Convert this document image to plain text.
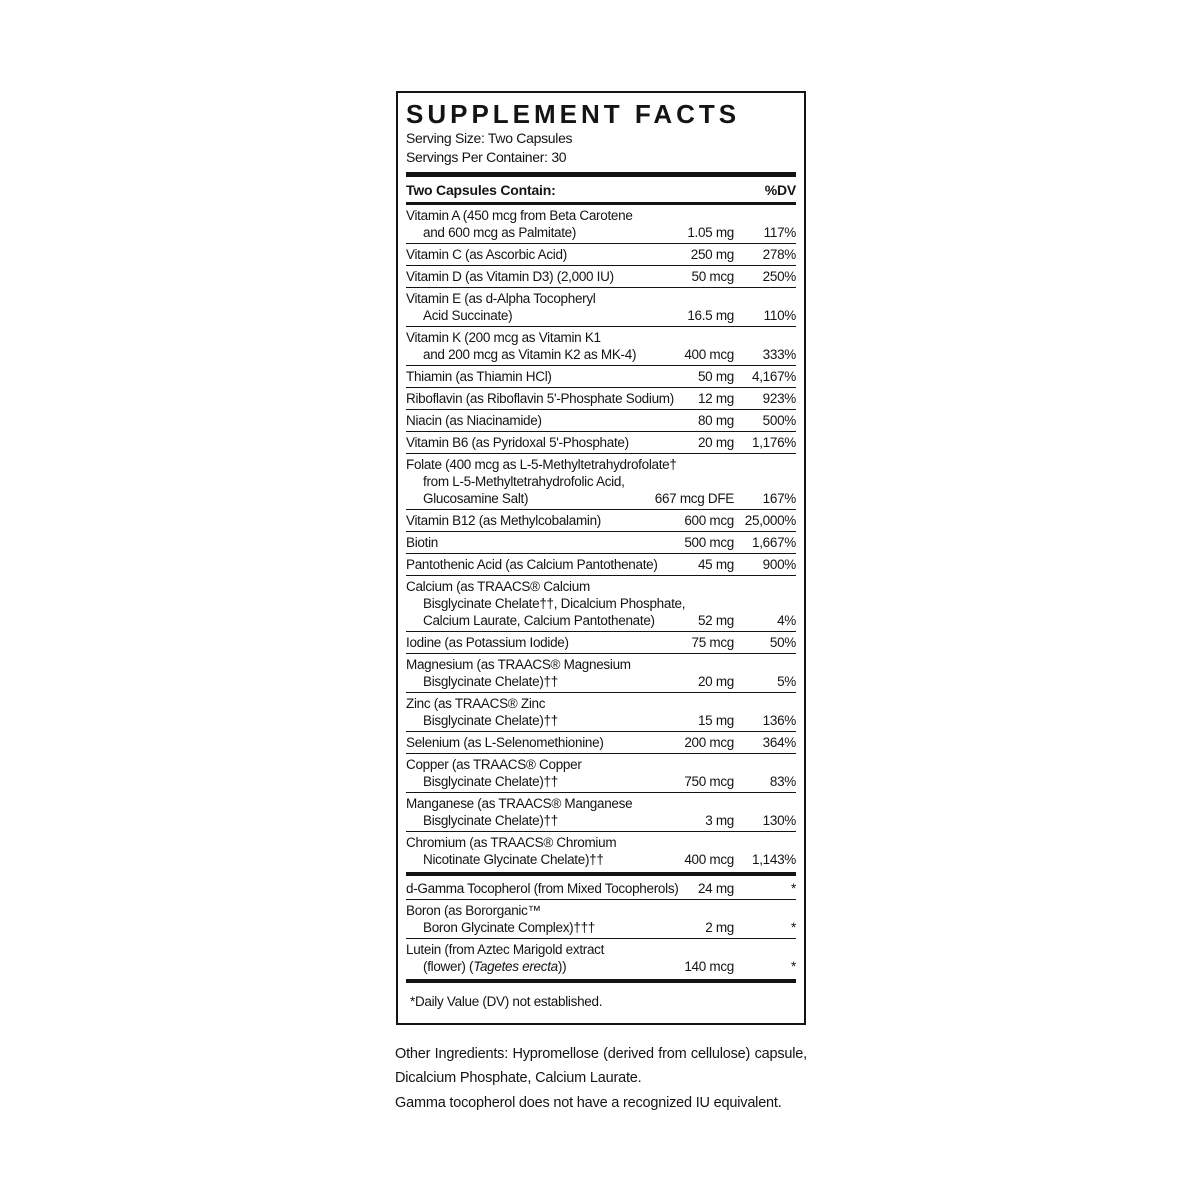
SUPPLEMENT FACTS
Serving Size: Two Capsules
Servings Per Container: 30
Two Capsules Contain:	%DV
Vitamin A (450 mcg from Beta Carotene
and 600 mcg as Palmitate)	1.05 mg 117%
Vitamin C (as Ascorbic Acid)	250 mg 278%
Vitamin D (as Vitamin D3) (2,000 IU)	50 mcg 250%
Vitamin E (as d-Alpha Tocopheryl
Acid Succinate)	16.5 mg 110%
Vitamin K (200 mcg as Vitamin K1
and 200 mcg as Vitamin K2 as MK-4)	400 mcg 333%
Thiamin (as Thiamin HCl)	50 mg 4,167%
Riboflavin (as Riboflavin 5'-Phosphate Sodium)	12 mg 923%
Niacin (as Niacinamide)	80 mg 500%
Vitamin B6 (as Pyridoxal 5'-Phosphate)	20 mg 1,176%
Folate (400 mcg as L-5-Methyltetrahydrofolate†
from L-5-Methyltetrahydrofolic Acid,
Glucosamine Salt)	667 mcg DFE 167%
Vitamin B12 (as Methylcobalamin)	600 mcg 25,000%
Biotin	500 mcg 1,667%
Pantothenic Acid (as Calcium Pantothenate)	45 mg 900%
Calcium (as TRAACS® Calcium
Bisglycinate Chelate††, Dicalcium Phosphate,
Calcium Laurate, Calcium Pantothenate)	52 mg	4%
Iodine (as Potassium Iodide)	75 mcg	50%
Magnesium (as TRAACS® Magnesium
Bisglycinate Chelate)††	20 mg	5%
Zinc (as TRAACS® Zinc
Bisglycinate Chelate)††	15 mg 136%
Selenium (as L-Selenomethionine)	200 mcg 364%
Copper (as TRAACS® Copper
Bisglycinate Chelate)††	750 mcg	83%
Manganese (as TRAACS® Manganese
Bisglycinate Chelate)††	3 mg 130%
Chromium (as TRAACS® Chromium
Nicotinate Glycinate Chelate)††	400 mcg 1,143%
d-Gamma Tocopherol (from Mixed Tocopherols)	24 mg	*
Boron (as Bororganic™
Boron Glycinate Complex)†††	2 mg	*
Lutein (from Aztec Marigold extract
(flower) (Tagetes erecta))	140 mcg	*
*Daily Value (DV) not established.

Other Ingredients: Hypromellose (derived from cellulose) capsule, Dicalcium Phosphate, Calcium Laurate.

Gamma tocopherol does not have a recognized IU equivalent.
